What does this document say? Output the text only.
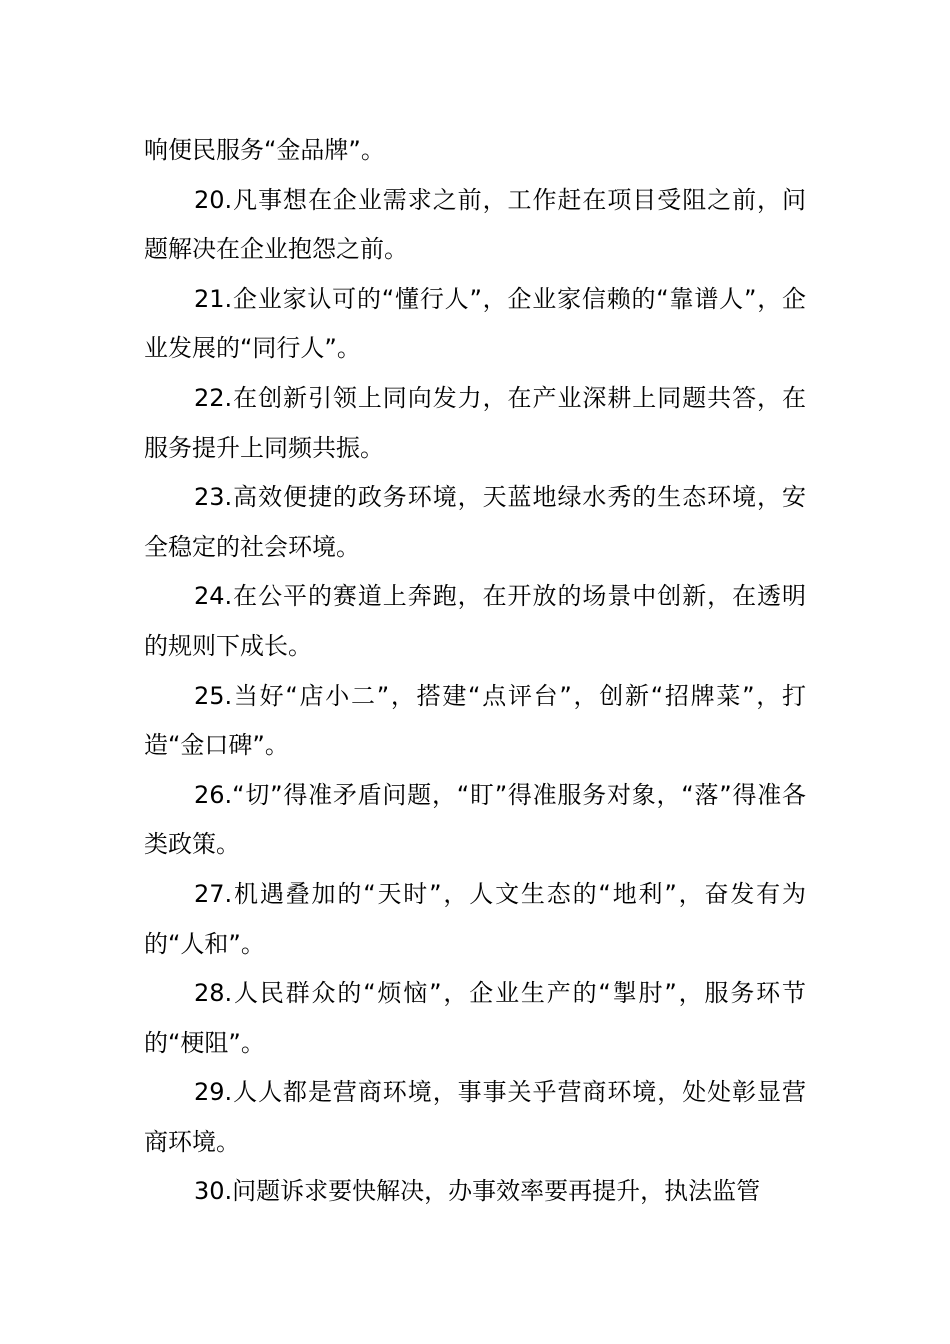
响便民服务“金品牌”。

20.凡事想在企业需求之前，工作赶在项目受阻之前，问题解决在企业抱怨之前。

21.企业家认可的“懂行人”，企业家信赖的“靠谱人”，企业发展的“同行人”。

22.在创新引领上同向发力，在产业深耕上同题共答，在服务提升上同频共振。

23.高效便捷的政务环境，天蓝地绿水秀的生态环境，安全稳定的社会环境。

24.在公平的赛道上奔跑，在开放的场景中创新，在透明的规则下成长。

25.当好“店小二”，搭建“点评台”，创新“招牌菜”，打造“金口碑”。

26.“切”得准矛盾问题，“盯”得准服务对象，“落”得准各类政策。

27.机遇叠加的“天时”，人文生态的“地利”，奋发有为的“人和”。

28.人民群众的“烦恼”，企业生产的“掣肘”，服务环节的“梗阻”。

29.人人都是营商环境，事事关乎营商环境，处处彰显营商环境。

30.问题诉求要快解决，办事效率要再提升，执法监管
